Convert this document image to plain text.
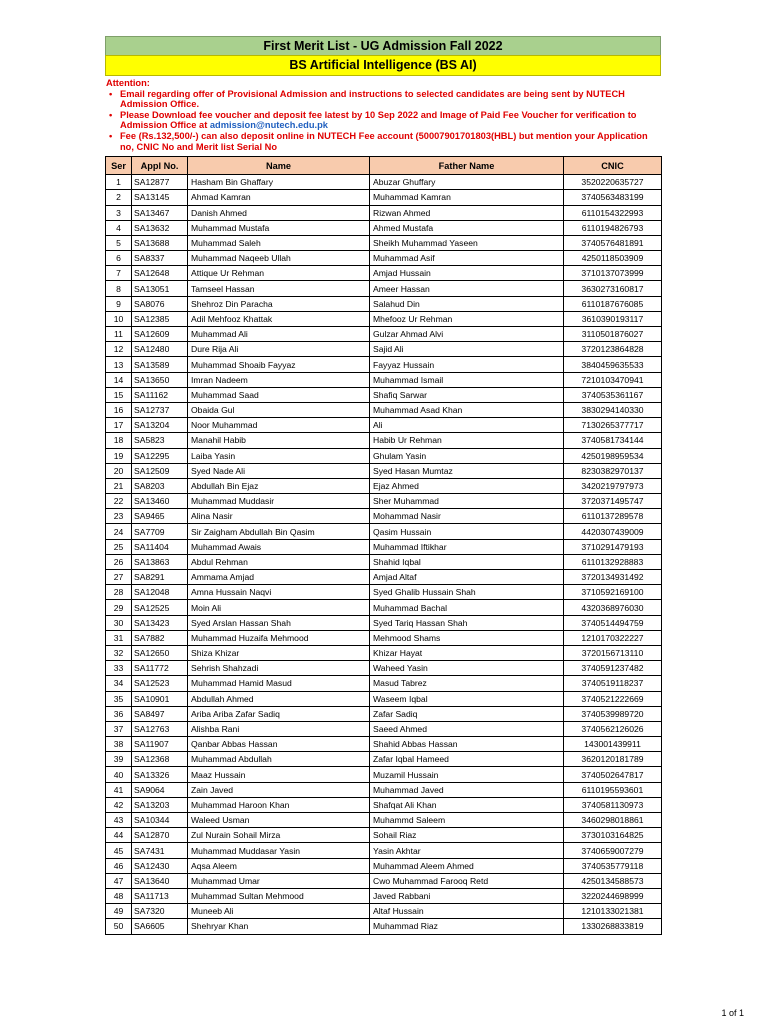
First Merit List - UG Admission Fall 2022
BS Artificial Intelligence (BS AI)
Attention:
• Email regarding offer of Provisional Admission and instructions to selected candidates are being sent by NUTECH Admission Office.
• Please Download fee voucher and deposit fee latest by 10 Sep 2022 and Image of Paid Fee Voucher for verification to Admission Office at admission@nutech.edu.pk
• Fee (Rs.132,500/-) can also deposit online in NUTECH Fee account (50007901701803(HBL) but mention your Application no, CNIC No and Merit list Serial No
Ser	Appl No.	Name	Father Name	CNIC
1	SA12877	Hasham Bin Ghaffary	Abuzar Ghuffary	3520220635727
2	SA13145	Ahmad Kamran	Muhammad Kamran	3740563483199
3	SA13467	Danish Ahmed	Rizwan Ahmed	6110154322993
4	SA13632	Muhammad Mustafa	Ahmed Mustafa	6110194826793
5	SA13688	Muhammad Saleh	Sheikh Muhammad Yaseen	3740576481891
6	SA8337	Muhammad Naqeeb Ullah	Muhammad Asif	4250118503909
7	SA12648	Attique Ur Rehman	Amjad Hussain	3710137073999
8	SA13051	Tamseel Hassan	Ameer Hassan	3630273160817
9	SA8076	Shehroz Din Paracha	Salahud Din	6110187676085
10	SA12385	Adil Mehfooz Khattak	Mhefooz Ur Rehman	3610390193117
11	SA12609	Muhammad Ali	Gulzar Ahmad Alvi	3110501876027
12	SA12480	Dure Rija Ali	Sajid Ali	3720123864828
13	SA13589	Muhammad Shoaib Fayyaz	Fayyaz Hussain	3840459635533
14	SA13650	Imran Nadeem	Muhammad Ismail	7210103470941
15	SA11162	Muhammad Saad	Shafiq Sarwar	3740535361167
16	SA12737	Obaida Gul	Muhammad Asad Khan	3830294140330
17	SA13204	Noor Muhammad	Ali	7130265377717
18	SA5823	Manahil Habib	Habib Ur Rehman	3740581734144
19	SA12295	Laiba Yasin	Ghulam Yasin	4250198959534
20	SA12509	Syed Nade Ali	Syed Hasan Mumtaz	8230382970137
21	SA8203	Abdullah Bin Ejaz	Ejaz Ahmed	3420219797973
22	SA13460	Muhammad Muddasir	Sher Muhammad	3720371495747
23	SA9465	Alina Nasir	Mohammad Nasir	6110137289578
24	SA7709	Sir Zaigham Abdullah Bin Qasim	Qasim Hussain	4420307439009
25	SA11404	Muhammad Awais	Muhammad Iftikhar	3710291479193
26	SA13863	Abdul Rehman	Shahid Iqbal	6110132928883
27	SA8291	Ammama Amjad	Amjad Altaf	3720134931492
28	SA12048	Amna Hussain Naqvi	Syed Ghalib Hussain Shah	3710592169100
29	SA12525	Moin Ali	Muhammad Bachal	4320368976030
30	SA13423	Syed Arslan Hassan Shah	Syed Tariq Hassan Shah	3740514494759
31	SA7882	Muhammad Huzaifa Mehmood	Mehmood Shams	1210170322227
32	SA12650	Shiza Khizar	Khizar Hayat	3720156713110
33	SA11772	Sehrish Shahzadi	Waheed Yasin	3740591237482
34	SA12523	Muhammad Hamid Masud	Masud Tabrez	3740519118237
35	SA10901	Abdullah Ahmed	Waseem Iqbal	3740521222669
36	SA8497	Ariba Ariba Zafar Sadiq	Zafar Sadiq	3740539989720
37	SA12763	Alishba Rani	Saeed Ahmed	3740562126026
38	SA11907	Qanbar Abbas Hassan	Shahid Abbas Hassan	143001439911
39	SA12368	Muhammad Abdullah	Zafar Iqbal Hameed	3620120181789
40	SA13326	Maaz Hussain	Muzamil Hussain	3740502647817
41	SA9064	Zain Javed	Muhammad Javed	6110195593601
42	SA13203	Muhammad Haroon Khan	Shafqat Ali Khan	3740581130973
43	SA10344	Waleed Usman	Muhammd Saleem	3460298018861
44	SA12870	Zul Nurain Sohail Mirza	Sohail Riaz	3730103164825
45	SA7431	Muhammad Muddasar Yasin	Yasin Akhtar	3740659007279
46	SA12430	Aqsa Aleem	Muhammad Aleem Ahmed	3740535779118
47	SA13640	Muhammad Umar	Cwo Muhammad Farooq Retd	4250134588573
48	SA11713	Muhammad Sultan Mehmood	Javed Rabbani	3220244698999
49	SA7320	Muneeb Ali	Altaf Hussain	1210133021381
50	SA6605	Shehryar Khan	Muhammad Riaz	1330268833819
1 of 1
